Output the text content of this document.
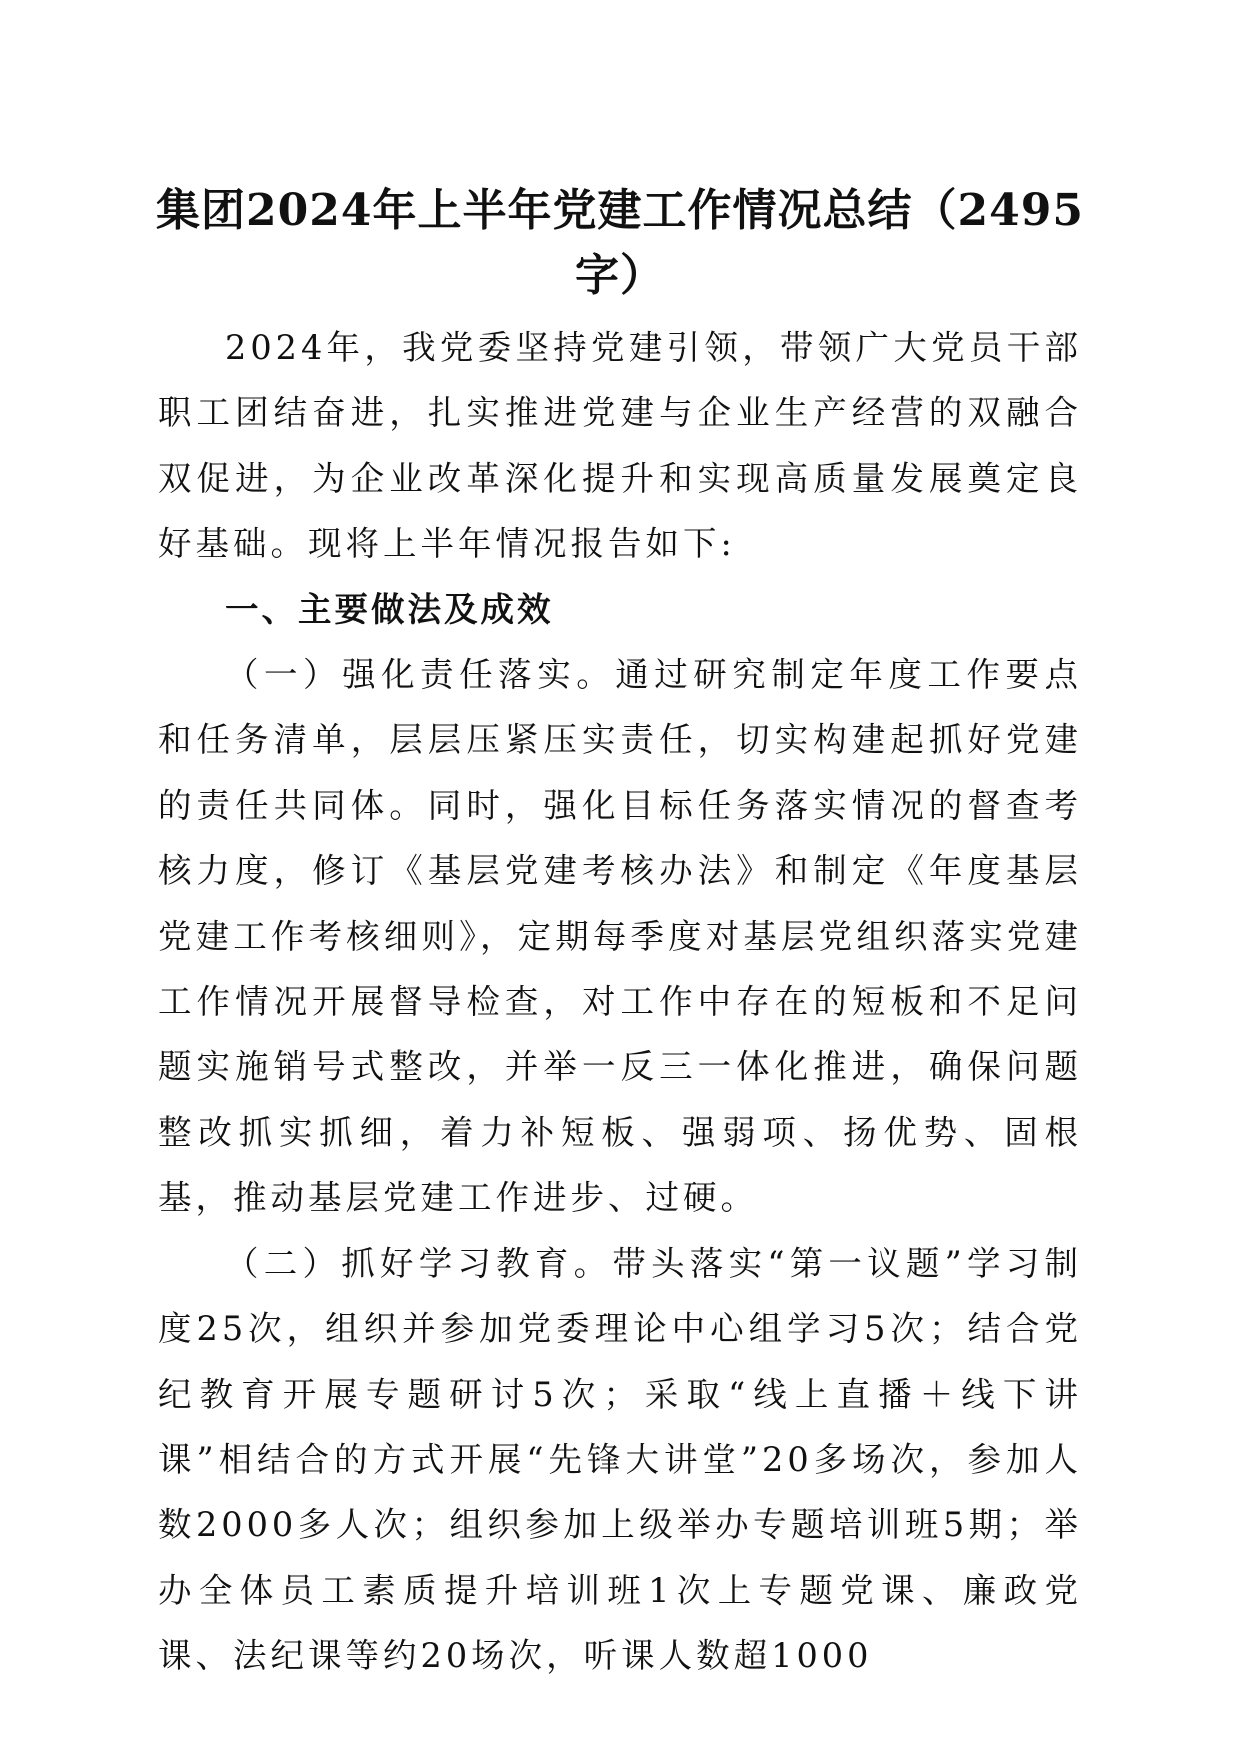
集团2024年上半年党建工作情况总结（2495字）

2024年，我党委坚持党建引领，带领广大党员干部职工团结奋进，扎实推进党建与企业生产经营的双融合双促进，为企业改革深化提升和实现高质量发展奠定良好基础。现将上半年情况报告如下:

一、主要做法及成效

（一）强化责任落实。通过研究制定年度工作要点和任务清单，层层压紧压实责任，切实构建起抓好党建的责任共同体。同时，强化目标任务落实情况的督查考核力度，修订《基层党建考核办法》和制定《年度基层党建工作考核细则》，定期每季度对基层党组织落实党建工作情况开展督导检查，对工作中存在的短板和不足问题实施销号式整改，并举一反三一体化推进，确保问题整改抓实抓细，着力补短板、强弱项、扬优势、固根基，推动基层党建工作进步、过硬。

（二）抓好学习教育。带头落实“第一议题”学习制度25次，组织并参加党委理论中心组学习5次；结合党纪教育开展专题研讨5次；采取“线上直播＋线下讲课”相结合的方式开展“先锋大讲堂”20多场次，参加人数2000多人次；组织参加上级举办专题培训班5期；举办全体员工素质提升培训班1次上专题党课、廉政党课、法纪课等约20场次，听课人数超1000
